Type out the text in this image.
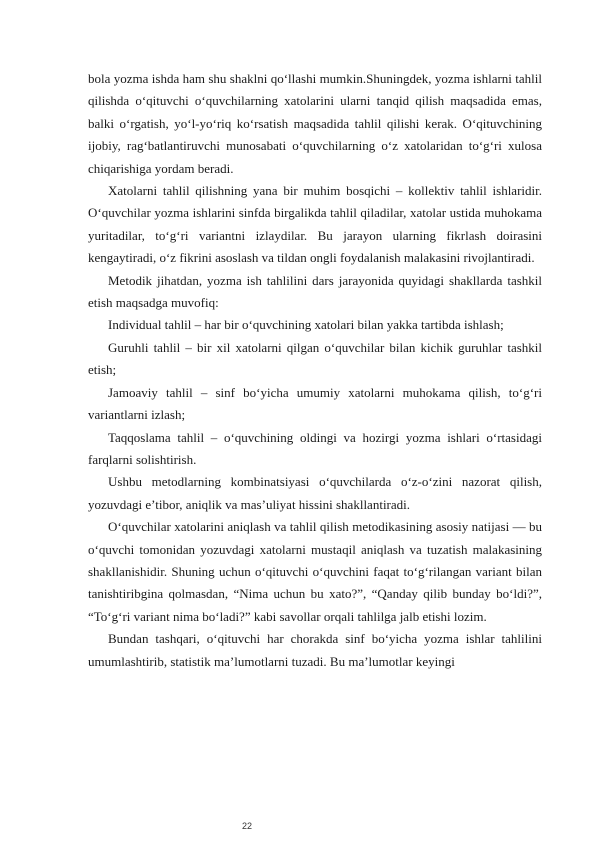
bola yozma ishda ham shu shaklni qo‘llashi mumkin.Shuningdek, yozma ishlarni tahlil qilishda o‘qituvchi o‘quvchilarning xatolarini ularni tanqid qilish maqsadida emas, balki o‘rgatish, yo‘l-yo‘riq ko‘rsatish maqsadida tahlil qilishi kerak. O‘qituvchining ijobiy, rag‘batlantiruvchi munosabati o‘quvchilarning o‘z xatolaridan to‘g‘ri xulosa chiqarishiga yordam beradi.

Xatolarni tahlil qilishning yana bir muhim bosqichi – kollektiv tahlil ishlaridir. O‘quvchilar yozma ishlarini sinfda birgalikda tahlil qiladilar, xatolar ustida muhokama yuritadilar, to‘g‘ri variantni izlaydilar. Bu jarayon ularning fikrlash doirasini kengaytiradi, o‘z fikrini asoslash va tildan ongli foydalanish malakasini rivojlantiradi.

Metodik jihatdan, yozma ish tahlilini dars jarayonida quyidagi shakllarda tashkil etish maqsadga muvofiq:

Individual tahlil – har bir o‘quvchining xatolari bilan yakka tartibda ishlash;

Guruhli tahlil – bir xil xatolarni qilgan o‘quvchilar bilan kichik guruhlar tashkil etish;

Jamoaviy tahlil – sinf bo‘yicha umumiy xatolarni muhokama qilish, to‘g‘ri variantlarni izlash;

Taqqoslama tahlil – o‘quvchining oldingi va hozirgi yozma ishlari o‘rtasidagi farqlarni solishtirish.

Ushbu metodlarning kombinatsiyasi o‘quvchilarda o‘z-o‘zini nazorat qilish, yozuvdagi e’tibor, aniqlik va mas’uliyat hissini shakllantiradi.

O‘quvchilar xatolarini aniqlash va tahlil qilish metodikasining asosiy natijasi — bu o‘quvchi tomonidan yozuvdagi xatolarni mustaqil aniqlash va tuzatish malakasining shakllanishidir. Shuning uchun o‘qituvchi o‘quvchini faqat to‘g‘rilangan variant bilan tanishtiribgina qolmasdan, “Nima uchun bu xato?”, “Qanday qilib bunday bo‘ldi?”, “To‘g‘ri variant nima bo‘ladi?” kabi savollar orqali tahlilga jalb etishi lozim.

Bundan tashqari, o‘qituvchi har chorakda sinf bo‘yicha yozma ishlar tahlilini umumlashtirib, statistik ma’lumotlarni tuzadi. Bu ma’lumotlar keyingi

22
